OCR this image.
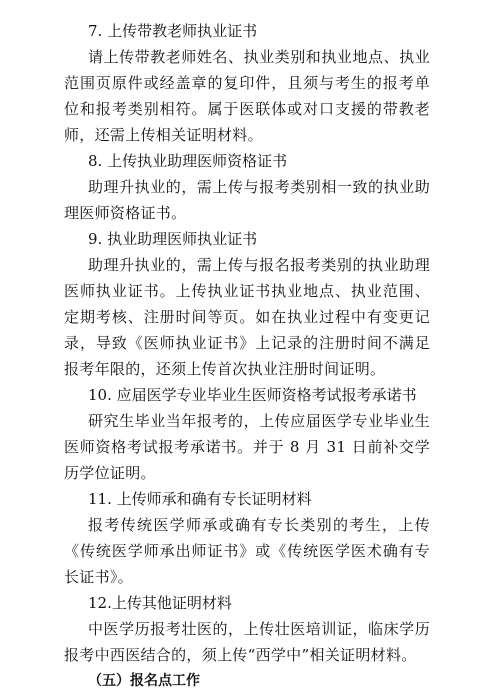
7. 上传带教老师执业证书

请上传带教老师姓名、执业类别和执业地点、执业范围页原件或经盖章的复印件，且须与考生的报考单位和报考类别相符。属于医联体或对口支援的带教老师，还需上传相关证明材料。

8. 上传执业助理医师资格证书

助理升执业的，需上传与报考类别相一致的执业助理医师资格证书。

9. 执业助理医师执业证书

助理升执业的，需上传与报名报考类别的执业助理医师执业证书。上传执业证书执业地点、执业范围、定期考核、注册时间等页。如在执业过程中有变更记录，导致《医师执业证书》上记录的注册时间不满足报考年限的，还须上传首次执业注册时间证明。

10. 应届医学专业毕业生医师资格考试报考承诺书

研究生毕业当年报考的，上传应届医学专业毕业生医师资格考试报考承诺书。并于 8 月 31 日前补交学历学位证明。

11. 上传师承和确有专长证明材料

报考传统医学师承或确有专长类别的考生，上传《传统医学师承出师证书》或《传统医学医术确有专长证书》。

12.上传其他证明材料

中医学历报考壮医的，上传壮医培训证，临床学历报考中西医结合的，须上传“西学中”相关证明材料。

（五）报名点工作
